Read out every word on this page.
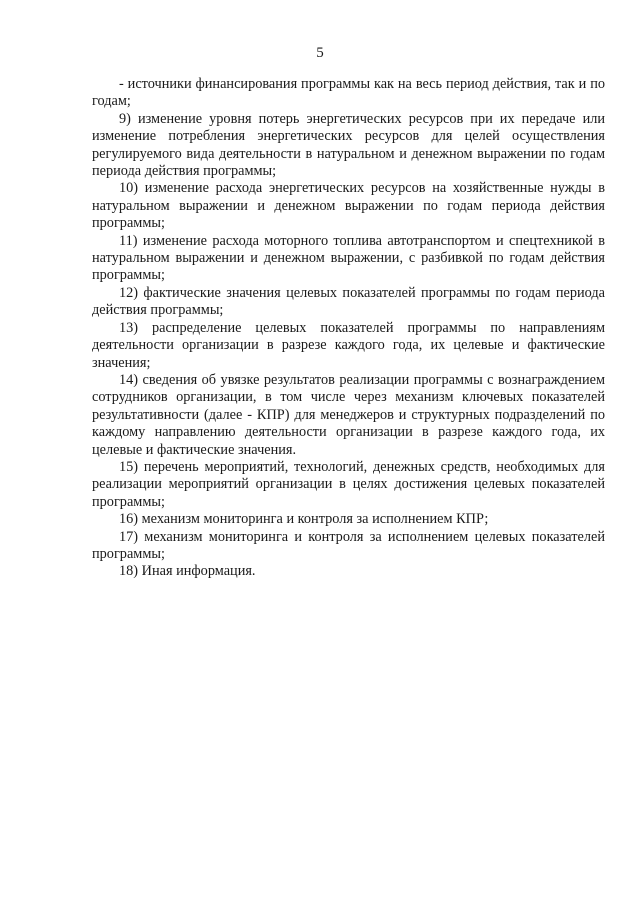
5

- источники финансирования программы как на весь период действия, так и по годам;

9) изменение уровня потерь энергетических ресурсов при их передаче или изменение потребления энергетических ресурсов для целей осуществления регулируемого вида деятельности в натуральном и денежном выражении по годам периода действия программы;

10) изменение расхода энергетических ресурсов на хозяйственные нужды в натуральном выражении и денежном выражении по годам периода действия программы;

11) изменение расхода моторного топлива автотранспортом и спецтехникой в натуральном выражении и денежном выражении, с разбивкой по годам действия программы;

12) фактические значения целевых показателей программы по годам периода действия программы;

13) распределение целевых показателей программы по направлениям деятельности организации в разрезе каждого года, их целевые и фактические значения;

14) сведения об увязке результатов реализации программы с вознаграждением сотрудников организации, в том числе через механизм ключевых показателей результативности (далее - КПР) для менеджеров и структурных подразделений по каждому направлению деятельности организации в разрезе каждого года, их целевые и фактические значения.

15) перечень мероприятий, технологий, денежных средств, необходимых для реализации мероприятий организации в целях достижения целевых показателей программы;

16) механизм мониторинга и контроля за исполнением КПР;

17) механизм мониторинга и контроля за исполнением целевых показателей программы;

18) Иная информация.
